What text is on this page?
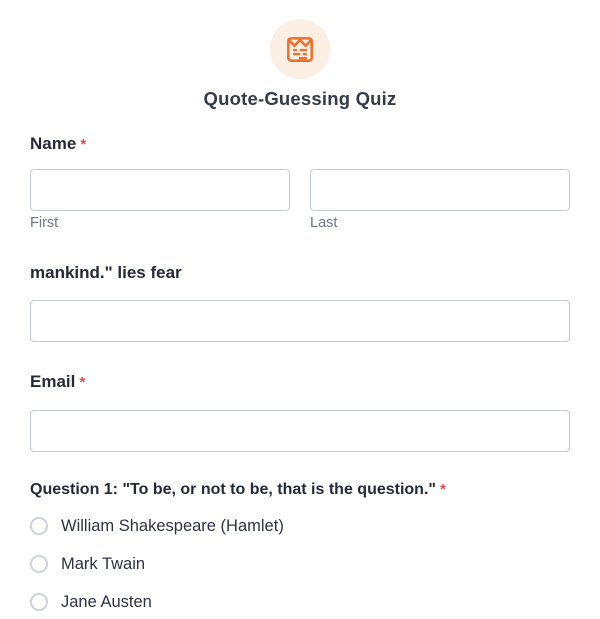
Quote-Guessing Quiz
Name *
First	Last
mankind." lies fear
Email *
Question 1: "To be, or not to be, that is the question." *
William Shakespeare (Hamlet)
Mark Twain
Jane Austen
